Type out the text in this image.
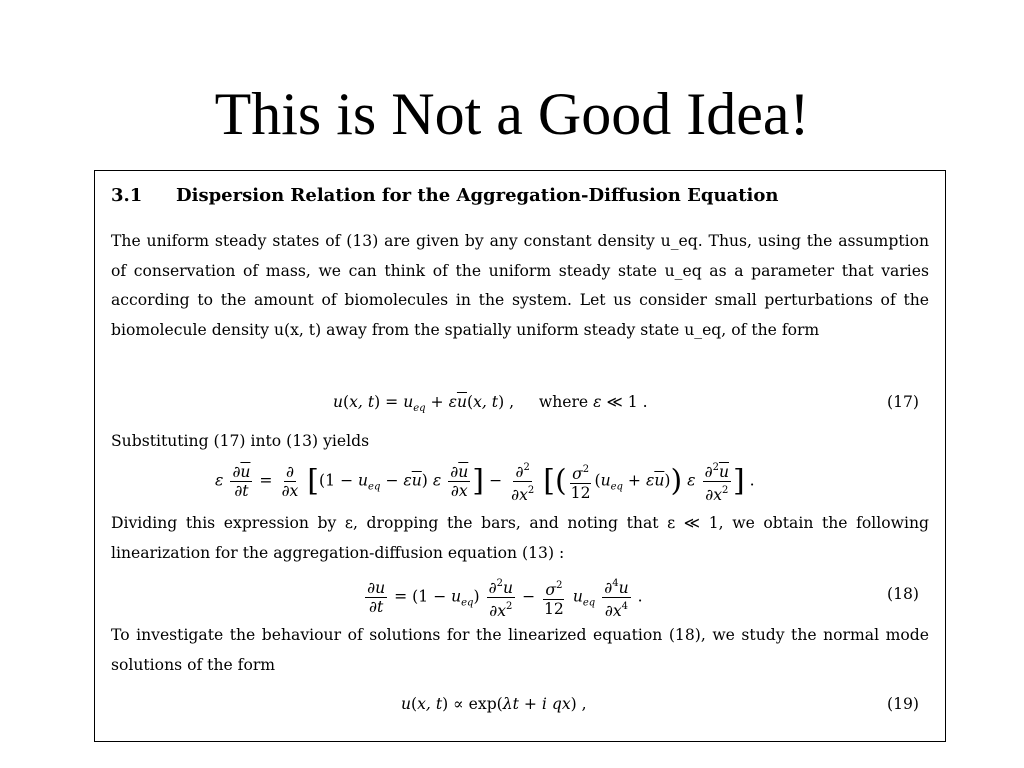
This is Not a Good Idea!
3.1 Dispersion Relation for the Aggregation-Diffusion Equation
The uniform steady states of (13) are given by any constant density u_eq. Thus, using the assumption of conservation of mass, we can think of the uniform steady state u_eq as a parameter that varies according to the amount of biomolecules in the system. Let us consider small perturbations of the biomolecule density u(x, t) away from the spatially uniform steady state u_eq, of the form
u(x, $t) = u_{eq} + \varepsilon\overline{u}(x$, t) ,     where ε ≪ 1 .	(17)
Substituting (17) into (13) yields
ε $\frac{\partial\overline{u}}{\partial t} = \frac{\partial}{\partial x} [(1 - u_{eq} - \varepsilon\overline{u})$ ε $\frac{\partial\overline{u}}{\partial x}$ ] − $\frac{\partial^2}{\partial x^2}$ [( $\frac{\sigma^2}{12} (u_{eq} + \varepsilon\overline{u})$) ε $\frac{\partial^2\overline{u}}{\partial x^2}$ ] .
Dividing this expression by ε, dropping the bars, and noting that ε ≪ 1, we obtain the following linearization for the aggregation-diffusion equation (13) :
$\frac{\partial u}{\partial t} = (1 - u_{eq}) \frac{\partial^2u}{\partial x^2} - \frac{\sigma^2}{12} u_{eq} \frac{\partial^4u}{\partial x^4}$ .	(18)
To investigate the behaviour of solutions for the linearized equation (18), we study the normal mode solutions of the form
u(x, t) ∝ exp(λt + i qx) ,	(19)
